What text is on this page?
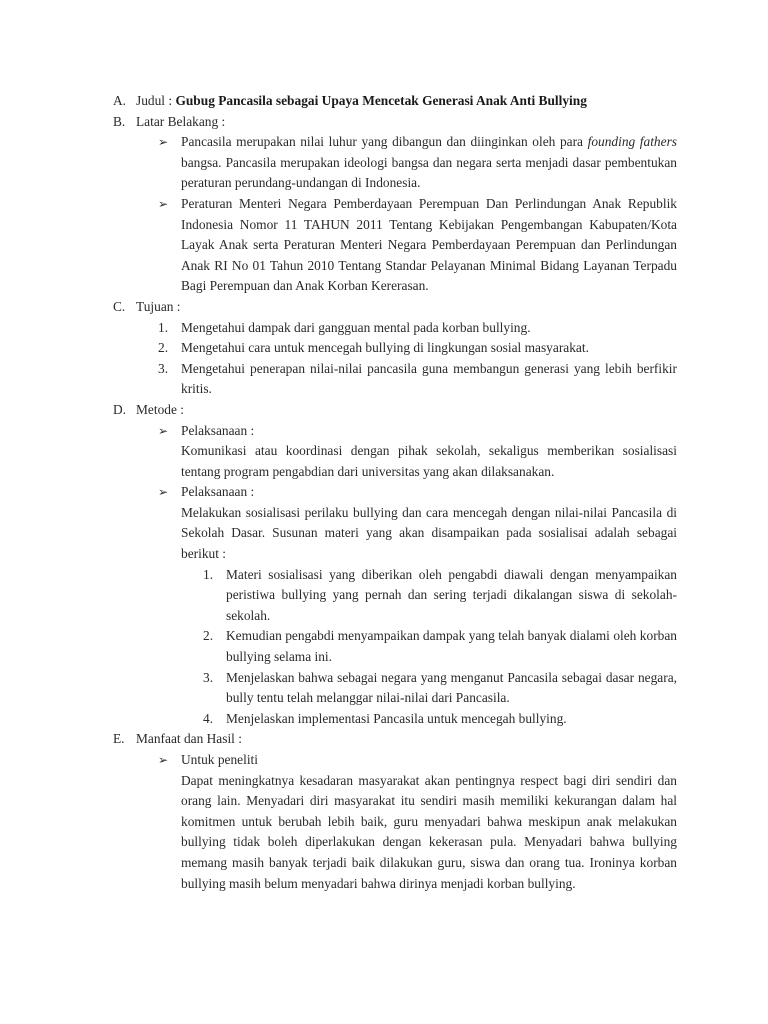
A. Judul : Gubug Pancasila sebagai Upaya Mencetak Generasi Anak Anti Bullying
B. Latar Belakang :
➢ Pancasila merupakan nilai luhur yang dibangun dan diinginkan oleh para founding fathers bangsa. Pancasila merupakan ideologi bangsa dan negara serta menjadi dasar pembentukan peraturan perundang-undangan di Indonesia.
➢ Peraturan Menteri Negara Pemberdayaan Perempuan Dan Perlindungan Anak Republik Indonesia Nomor 11 TAHUN 2011 Tentang Kebijakan Pengembangan Kabupaten/Kota Layak Anak serta Peraturan Menteri Negara Pemberdayaan Perempuan dan Perlindungan Anak RI No 01 Tahun 2010 Tentang Standar Pelayanan Minimal Bidang Layanan Terpadu Bagi Perempuan dan Anak Korban Kererasan.
C. Tujuan :
1. Mengetahui dampak dari gangguan mental pada korban bullying.
2. Mengetahui cara untuk mencegah bullying di lingkungan sosial masyarakat.
3. Mengetahui penerapan nilai-nilai pancasila guna membangun generasi yang lebih berfikir kritis.
D. Metode :
➢ Pelaksanaan :
Komunikasi atau koordinasi dengan pihak sekolah, sekaligus memberikan sosialisasi tentang program pengabdian dari universitas yang akan dilaksanakan.
➢ Pelaksanaan :
Melakukan sosialisasi perilaku bullying dan cara mencegah dengan nilai-nilai Pancasila di Sekolah Dasar. Susunan materi yang akan disampaikan pada sosialisai adalah sebagai berikut :
1. Materi sosialisasi yang diberikan oleh pengabdi diawali dengan menyampaikan peristiwa bullying yang pernah dan sering terjadi dikalangan siswa di sekolah-sekolah.
2. Kemudian pengabdi menyampaikan dampak yang telah banyak dialami oleh korban bullying selama ini.
3. Menjelaskan bahwa sebagai negara yang menganut Pancasila sebagai dasar negara, bully tentu telah melanggar nilai-nilai dari Pancasila.
4. Menjelaskan implementasi Pancasila untuk mencegah bullying.
E. Manfaat dan Hasil :
➢ Untuk peneliti
Dapat meningkatnya kesadaran masyarakat akan pentingnya respect bagi diri sendiri dan orang lain. Menyadari diri masyarakat itu sendiri masih memiliki kekurangan dalam hal komitmen untuk berubah lebih baik, guru menyadari bahwa meskipun anak melakukan bullying tidak boleh diperlakukan dengan kekerasan pula. Menyadari bahwa bullying memang masih banyak terjadi baik dilakukan guru, siswa dan orang tua. Ironinya korban bullying masih belum menyadari bahwa dirinya menjadi korban bullying.
